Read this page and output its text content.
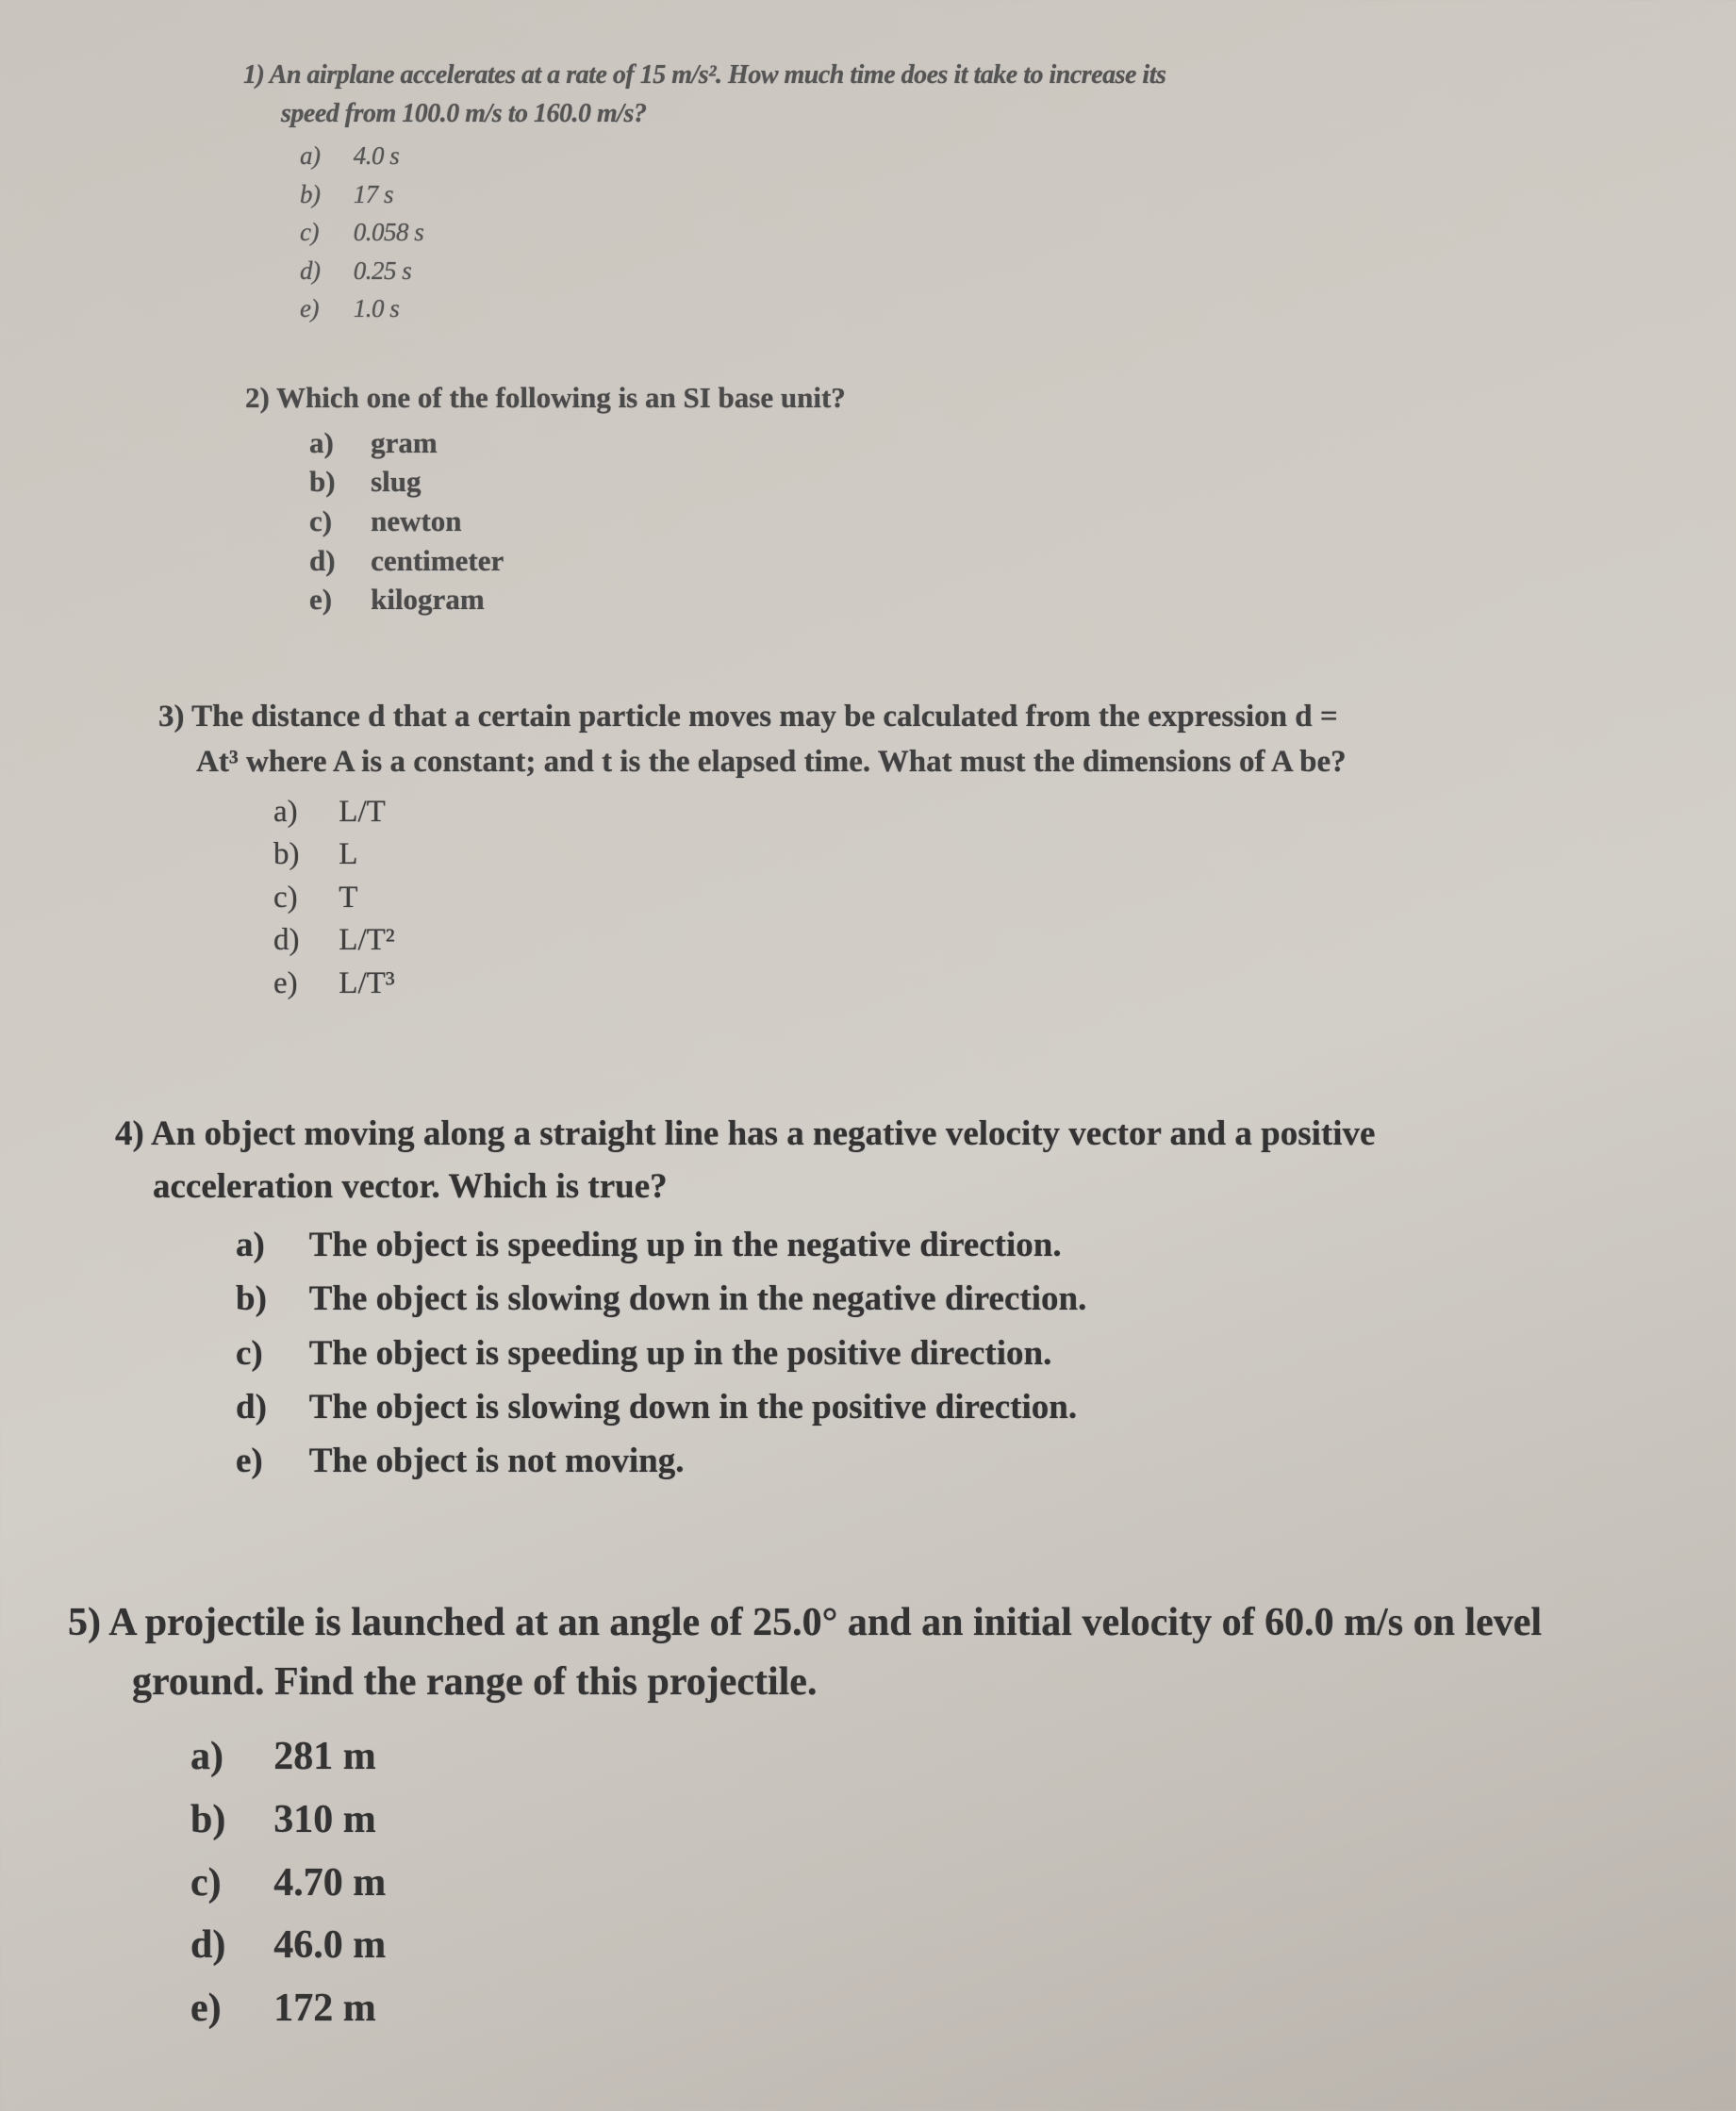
1) An airplane accelerates at a rate of 15 m/s². How much time does it take to increase its

speed from 100.0 m/s to 160.0 m/s?

a)	4.0 s
b)	17 s
c)	0.058 s
d)	0.25 s
e)	1.0 s

2) Which one of the following is an SI base unit?

a)	gram
b)	slug
c)	newton
d)	centimeter
e)	kilogram

3) The distance d that a certain particle moves may be calculated from the expression d =

At³ where A is a constant; and t is the elapsed time. What must the dimensions of A be?

a)	L/T
b)	L
c)	T
d)	L/T²
e)	L/T³

4) An object moving along a straight line has a negative velocity vector and a positive

acceleration vector. Which is true?

a)	The object is speeding up in the negative direction.
b)	The object is slowing down in the negative direction.
c)	The object is speeding up in the positive direction.
d)	The object is slowing down in the positive direction.
e)	The object is not moving.

5) A projectile is launched at an angle of 25.0° and an initial velocity of 60.0 m/s on level
ground. Find the range of this projectile.

a)	281 m
b)	310 m
c)	4.70 m
d)	46.0 m
e)	172 m
